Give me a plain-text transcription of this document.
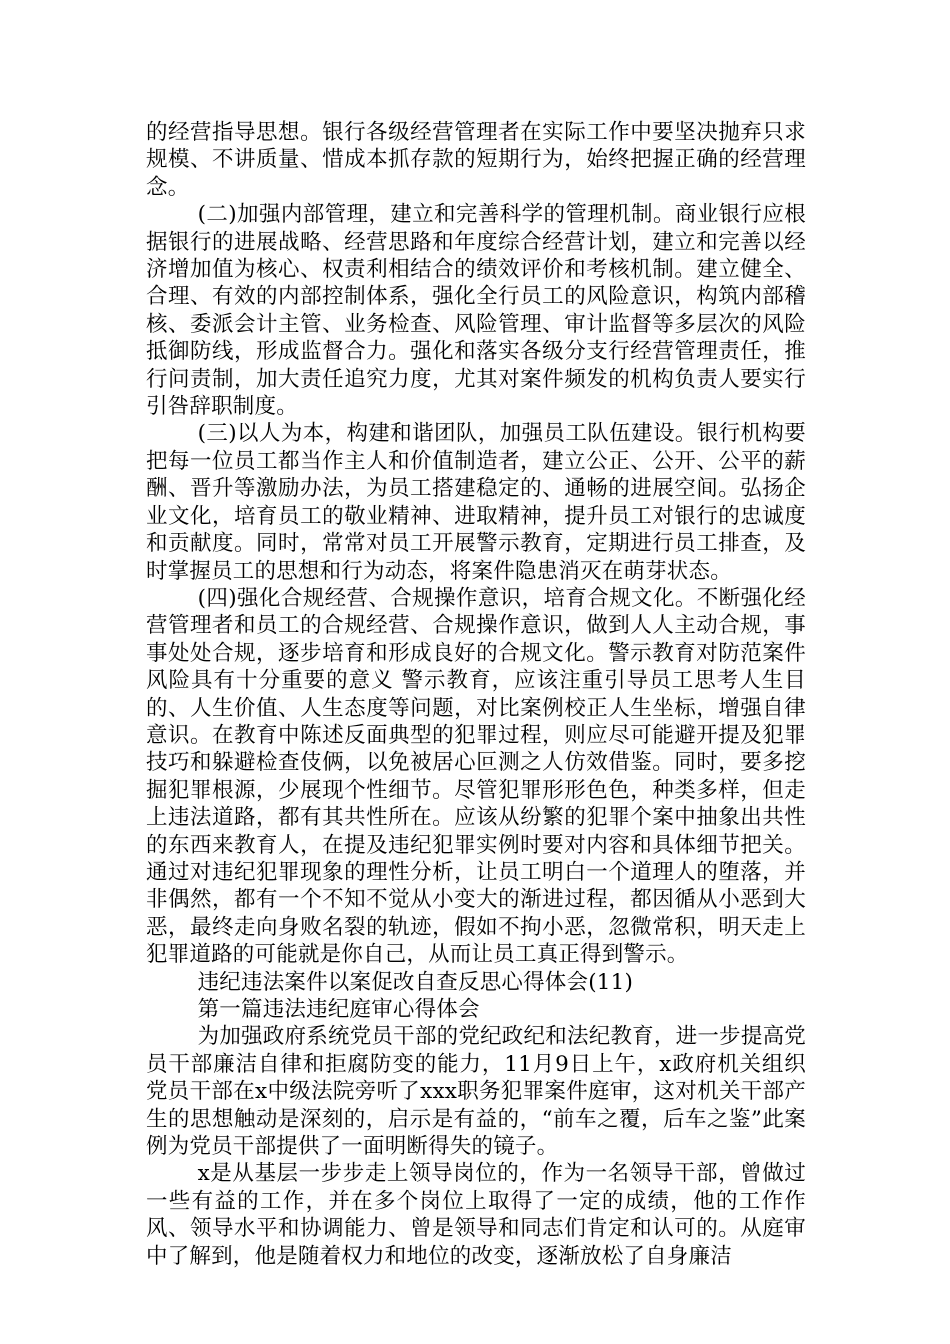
的经营指导思想。银行各级经营管理者在实际工作中要坚决抛弃只求规模、不讲质量、惜成本抓存款的短期行为，始终把握正确的经营理念。

(二)加强内部管理，建立和完善科学的管理机制。商业银行应根据银行的进展战略、经营思路和年度综合经营计划，建立和完善以经济增加值为核心、权责利相结合的绩效评价和考核机制。建立健全、合理、有效的内部控制体系，强化全行员工的风险意识，构筑内部稽核、委派会计主管、业务检查、风险管理、审计监督等多层次的风险抵御防线，形成监督合力。强化和落实各级分支行经营管理责任，推行问责制，加大责任追究力度，尤其对案件频发的机构负责人要实行引咎辞职制度。

(三)以人为本，构建和谐团队，加强员工队伍建设。银行机构要把每一位员工都当作主人和价值制造者，建立公正、公开、公平的薪酬、晋升等激励办法，为员工搭建稳定的、通畅的进展空间。弘扬企业文化，培育员工的敬业精神、进取精神，提升员工对银行的忠诚度和贡献度。同时，常常对员工开展警示教育，定期进行员工排查，及时掌握员工的思想和行为动态，将案件隐患消灭在萌芽状态。

(四)强化合规经营、合规操作意识，培育合规文化。不断强化经营管理者和员工的合规经营、合规操作意识，做到人人主动合规，事事处处合规，逐步培育和形成良好的合规文化。警示教育对防范案件风险具有十分重要的意义 警示教育，应该注重引导员工思考人生目的、人生价值、人生态度等问题，对比案例校正人生坐标，增强自律意识。在教育中陈述反面典型的犯罪过程，则应尽可能避开提及犯罪技巧和躲避检查伎俩，以免被居心叵测之人仿效借鉴。同时，要多挖掘犯罪根源，少展现个性细节。尽管犯罪形形色色，种类多样，但走上违法道路，都有其共性所在。应该从纷繁的犯罪个案中抽象出共性的东西来教育人，在提及违纪犯罪实例时要对内容和具体细节把关。通过对违纪犯罪现象的理性分析，让员工明白一个道理人的堕落，并非偶然，都有一个不知不觉从小变大的渐进过程，都因循从小恶到大恶，最终走向身败名裂的轨迹，假如不拘小恶，忽微常积，明天走上犯罪道路的可能就是你自己，从而让员工真正得到警示。

违纪违法案件以案促改自查反思心得体会(11)

第一篇违法违纪庭审心得体会

为加强政府系统党员干部的党纪政纪和法纪教育，进一步提高党员干部廉洁自律和拒腐防变的能力，11月9日上午，x政府机关组织党员干部在x中级法院旁听了xxx职务犯罪案件庭审，这对机关干部产生的思想触动是深刻的，启示是有益的，“前车之覆，后车之鉴”此案例为党员干部提供了一面明断得失的镜子。

x是从基层一步步走上领导岗位的，作为一名领导干部，曾做过一些有益的工作，并在多个岗位上取得了一定的成绩，他的工作作风、领导水平和协调能力、曾是领导和同志们肯定和认可的。从庭审中了解到，他是随着权力和地位的改变，逐渐放松了自身廉洁
